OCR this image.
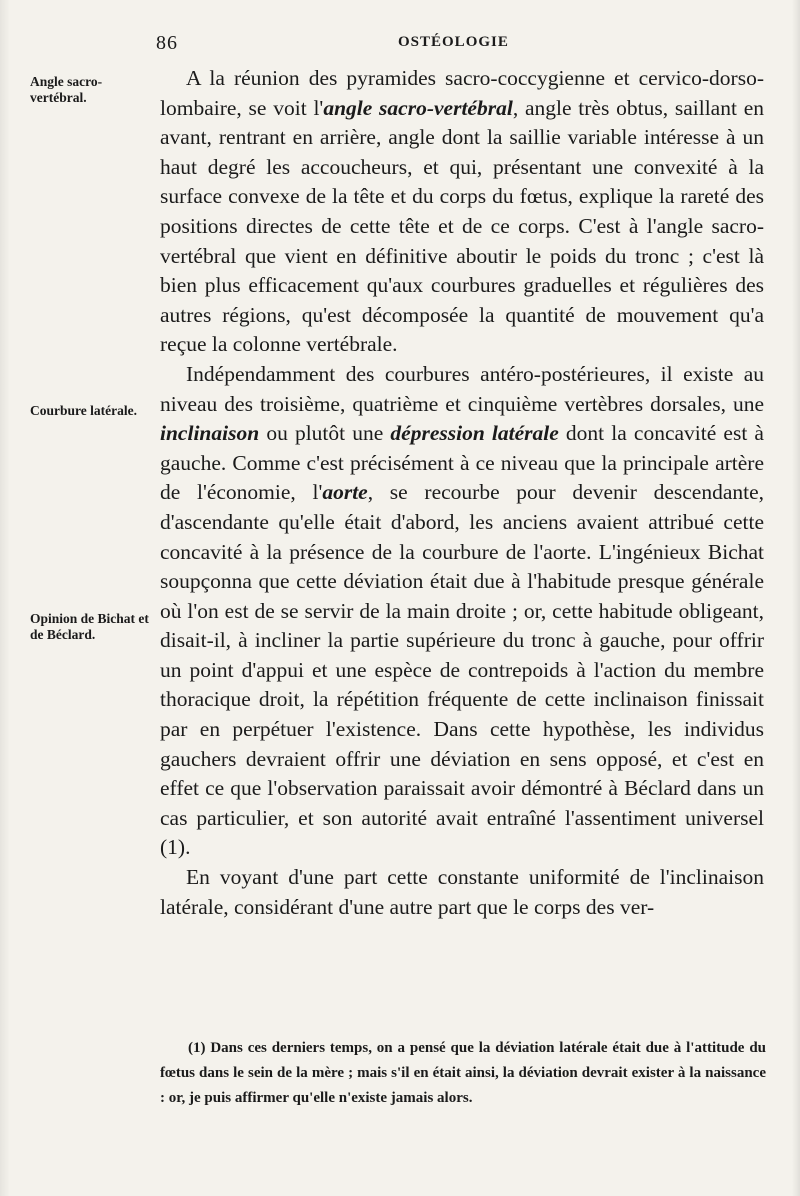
86	OSTÉOLOGIE
Angle sacro-vertébral.
Courbure latérale.
Opinion de Bichat et de Béclard.

A la réunion des pyramides sacro-coccygienne et cervico-dorso-lombaire, se voit l'angle sacro-vertébral, angle très obtus, saillant en avant, rentrant en arrière, angle dont la saillie variable intéresse à un haut degré les accoucheurs, et qui, présentant une convexité à la surface convexe de la tête et du corps du fœtus, explique la rareté des positions directes de cette tête et de ce corps. C'est à l'angle sacro-vertébral que vient en définitive aboutir le poids du tronc ; c'est là bien plus efficacement qu'aux courbures graduelles et régulières des autres régions, qu'est décomposée la quantité de mouvement qu'a reçue la colonne vertébrale.

Indépendamment des courbures antéro-postérieures, il existe au niveau des troisième, quatrième et cinquième vertèbres dorsales, une inclinaison ou plutôt une dépression latérale dont la concavité est à gauche. Comme c'est précisément à ce niveau que la principale artère de l'économie, l'aorte, se recourbe pour devenir descendante, d'ascendante qu'elle était d'abord, les anciens avaient attribué cette concavité à la présence de la courbure de l'aorte. L'ingénieux Bichat soupçonna que cette déviation était due à l'habitude presque générale où l'on est de se servir de la main droite ; or, cette habitude obligeant, disait-il, à incliner la partie supérieure du tronc à gauche, pour offrir un point d'appui et une espèce de contrepoids à l'action du membre thoracique droit, la répétition fréquente de cette inclinaison finissait par en perpétuer l'existence. Dans cette hypothèse, les individus gauchers devraient offrir une déviation en sens opposé, et c'est en effet ce que l'observation paraissait avoir démontré à Béclard dans un cas particulier, et son autorité avait entraîné l'assentiment universel (1).

En voyant d'une part cette constante uniformité de l'inclinaison latérale, considérant d'une autre part que le corps des ver-

(1) Dans ces derniers temps, on a pensé que la déviation latérale était due à l'attitude du fœtus dans le sein de la mère ; mais s'il en était ainsi, la déviation devrait exister à la naissance : or, je puis affirmer qu'elle n'existe jamais alors.
